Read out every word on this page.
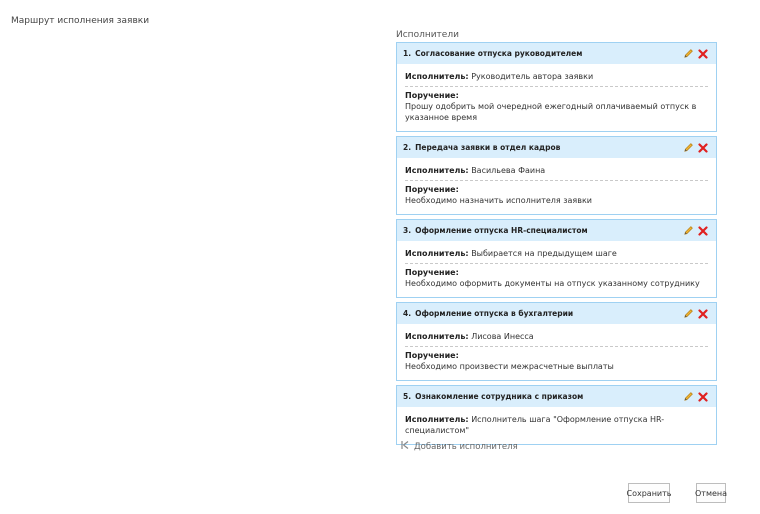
Маршрут исполнения заявки
Исполнители
1. Согласование отпуска руководителем
Исполнитель: Руководитель автора заявки
Поручение:
Прошу одобрить мой очередной ежегодный оплачиваемый отпуск в указанное время
2. Передача заявки в отдел кадров
Исполнитель: Васильева Фаина
Поручение:
Необходимо назначить исполнителя заявки
3. Оформление отпуска HR-специалистом
Исполнитель: Выбирается на предыдущем шаге
Поручение:
Необходимо оформить документы на отпуск указанному сотруднику
4. Оформление отпуска в бухгалтерии
Исполнитель: Лисова Инесса
Поручение:
Необходимо произвести межрасчетные выплаты
5. Ознакомление сотрудника с приказом
Исполнитель: Исполнитель шага "Оформление отпуска HR-специалистом"
Добавить исполнителя
Сохранить	Отмена
